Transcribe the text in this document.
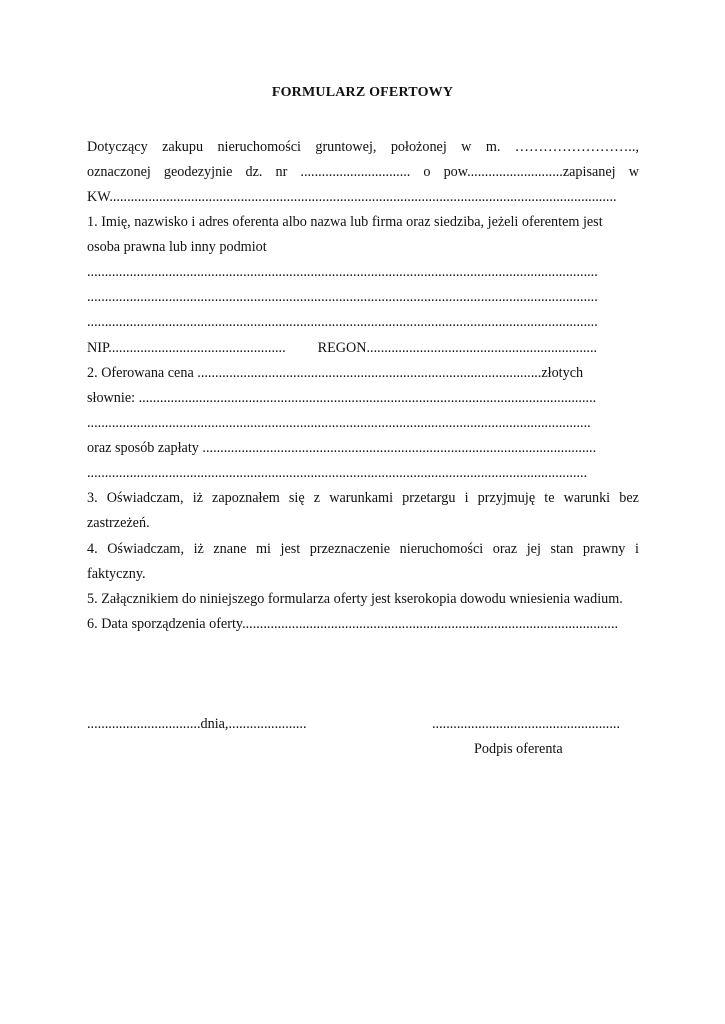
FORMULARZ OFERTOWY
Dotyczący zakupu nieruchomości gruntowej, położonej w m. ……………………..,
oznaczonej geodezyjnie dz. nr ............................... o pow...........................zapisanej w
KW...............................................................................................................................................
1. Imię, nazwisko i adres oferenta albo nazwa lub firma oraz siedziba, jeżeli oferentem jest
osoba prawna lub inny podmiot
................................................................................................................................................
................................................................................................................................................
................................................................................................................................................
NIP.................................................. REGON.................................................................
2. Oferowana cena .................................................................................................złotych
słownie: .................................................................................................................................
..............................................................................................................................................
oraz sposób zapłaty ...............................................................................................................
.............................................................................................................................................
3. Oświadczam, iż zapoznałem się z warunkami przetargu i przyjmuję te warunki bez
zastrzeżeń.
4. Oświadczam, iż znane mi jest przeznaczenie nieruchomości oraz jej stan prawny i
faktyczny.
5. Załącznikiem do niniejszego formularza oferty jest kserokopia dowodu wniesienia wadium.
6. Data sporządzenia oferty..........................................................................................................
................................dnia,......................	.....................................................
Podpis oferenta
